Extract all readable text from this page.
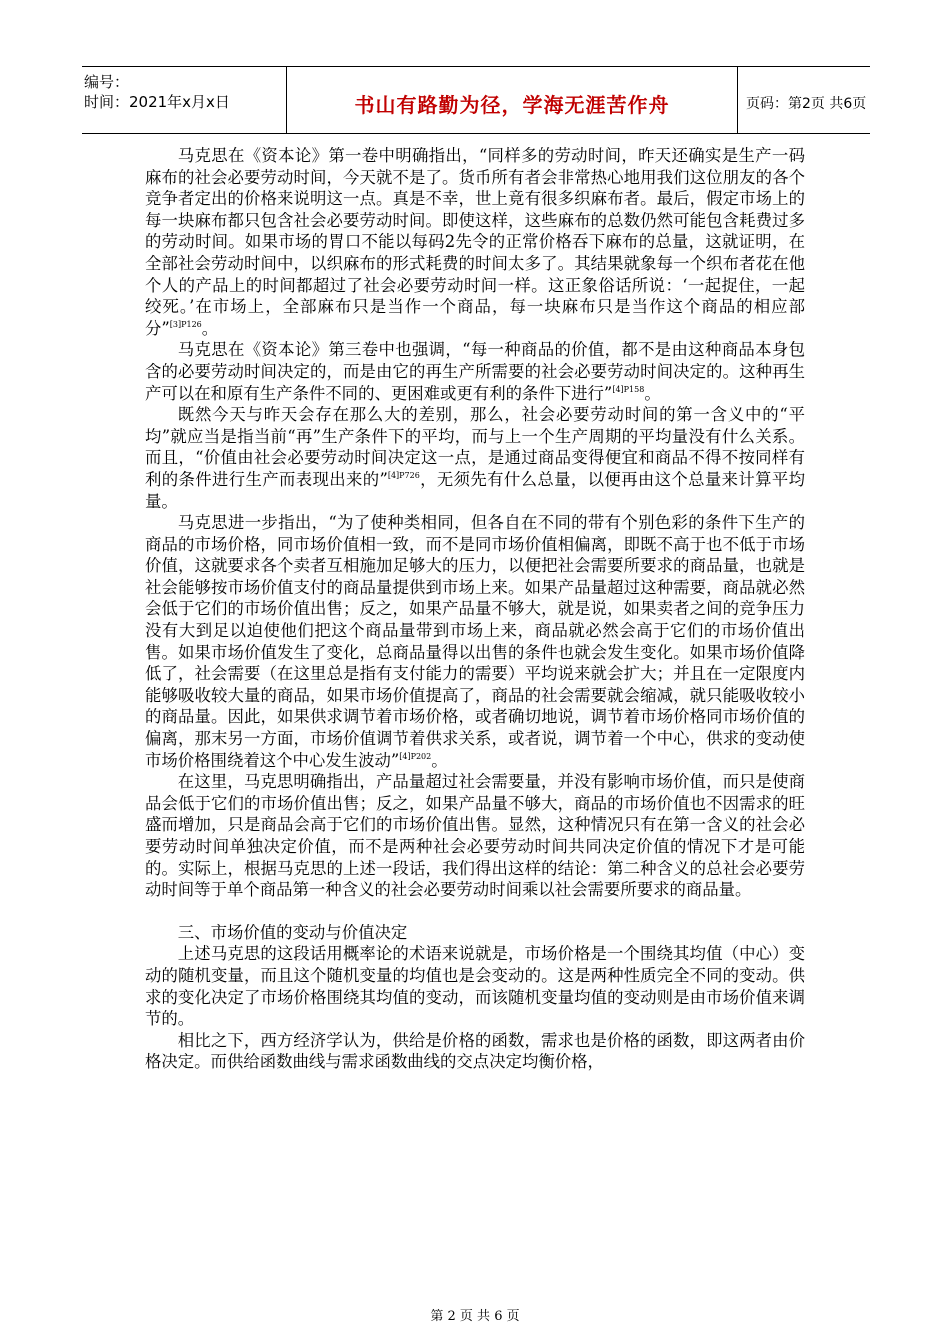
编号：
时间：2021年x月x日	书山有路勤为径，学海无涯苦作舟	页码：第2页 共6页

马克思在《资本论》第一卷中明确指出，“同样多的劳动时间，昨天还确实是生产一码麻布的社会必要劳动时间，今天就不是了。货币所有者会非常热心地用我们这位朋友的各个竞争者定出的价格来说明这一点。真是不幸，世上竟有很多织麻布者。最后，假定市场上的每一块麻布都只包含社会必要劳动时间。即使这样，这些麻布的总数仍然可能包含耗费过多的劳动时间。如果市场的胃口不能以每码2先令的正常价格吞下麻布的总量，这就证明，在全部社会劳动时间中，以织麻布的形式耗费的时间太多了。其结果就象每一个织布者花在他个人的产品上的时间都超过了社会必要劳动时间一样。这正象俗话所说：‘一起捉住，一起绞死。’在市场上，全部麻布只是当作一个商品，每一块麻布只是当作这个商品的相应部分”$^{[3]P126}$。

马克思在《资本论》第三卷中也强调，“每一种商品的价值，都不是由这种商品本身包含的必要劳动时间决定的，而是由它的再生产所需要的社会必要劳动时间决定的。这种再生产可以在和原有生产条件不同的、更困难或更有利的条件下进行”$^{[4]P158}$。

既然今天与昨天会存在那么大的差别，那么，社会必要劳动时间的第一含义中的“平均”就应当是指当前“再”生产条件下的平均，而与上一个生产周期的平均量没有什么关系。而且，“价值由社会必要劳动时间决定这一点，是通过商品变得便宜和商品不得不按同样有利的条件进行生产而表现出来的”$^{[4]P726}$，无须先有什么总量，以便再由这个总量来计算平均量。

马克思进一步指出，“为了使种类相同，但各自在不同的带有个别色彩的条件下生产的商品的市场价格，同市场价值相一致，而不是同市场价值相偏离，即既不高于也不低于市场价值，这就要求各个卖者互相施加足够大的压力，以便把社会需要所要求的商品量，也就是社会能够按市场价值支付的商品量提供到市场上来。如果产品量超过这种需要，商品就必然会低于它们的市场价值出售；反之，如果产品量不够大，就是说，如果卖者之间的竞争压力没有大到足以迫使他们把这个商品量带到市场上来，商品就必然会高于它们的市场价值出售。如果市场价值发生了变化，总商品量得以出售的条件也就会发生变化。如果市场价值降低了，社会需要（在这里总是指有支付能力的需要）平均说来就会扩大；并且在一定限度内能够吸收较大量的商品，如果市场价值提高了，商品的社会需要就会缩减，就只能吸收较小的商品量。因此，如果供求调节着市场价格，或者确切地说，调节着市场价格同市场价值的偏离，那末另一方面，市场价值调节着供求关系，或者说，调节着一个中心，供求的变动使市场价格围绕着这个中心发生波动”$^{[4]P202}$。

在这里，马克思明确指出，产品量超过社会需要量，并没有影响市场价值，而只是使商品会低于它们的市场价值出售；反之，如果产品量不够大，商品的市场价值也不因需求的旺盛而增加，只是商品会高于它们的市场价值出售。显然，这种情况只有在第一含义的社会必要劳动时间单独决定价值，而不是两种社会必要劳动时间共同决定价值的情况下才是可能的。实际上，根据马克思的上述一段话，我们得出这样的结论：第二种含义的总社会必要劳动时间等于单个商品第一种含义的社会必要劳动时间乘以社会需要所要求的商品量。

三、市场价值的变动与价值决定

上述马克思的这段话用概率论的术语来说就是，市场价格是一个围绕其均值（中心）变动的随机变量，而且这个随机变量的均值也是会变动的。这是两种性质完全不同的变动。供求的变化决定了市场价格围绕其均值的变动，而该随机变量均值的变动则是由市场价值来调节的。

相比之下，西方经济学认为，供给是价格的函数，需求也是价格的函数，即这两者由价格决定。而供给函数曲线与需求函数曲线的交点决定均衡价格，

第 2 页 共 6 页
